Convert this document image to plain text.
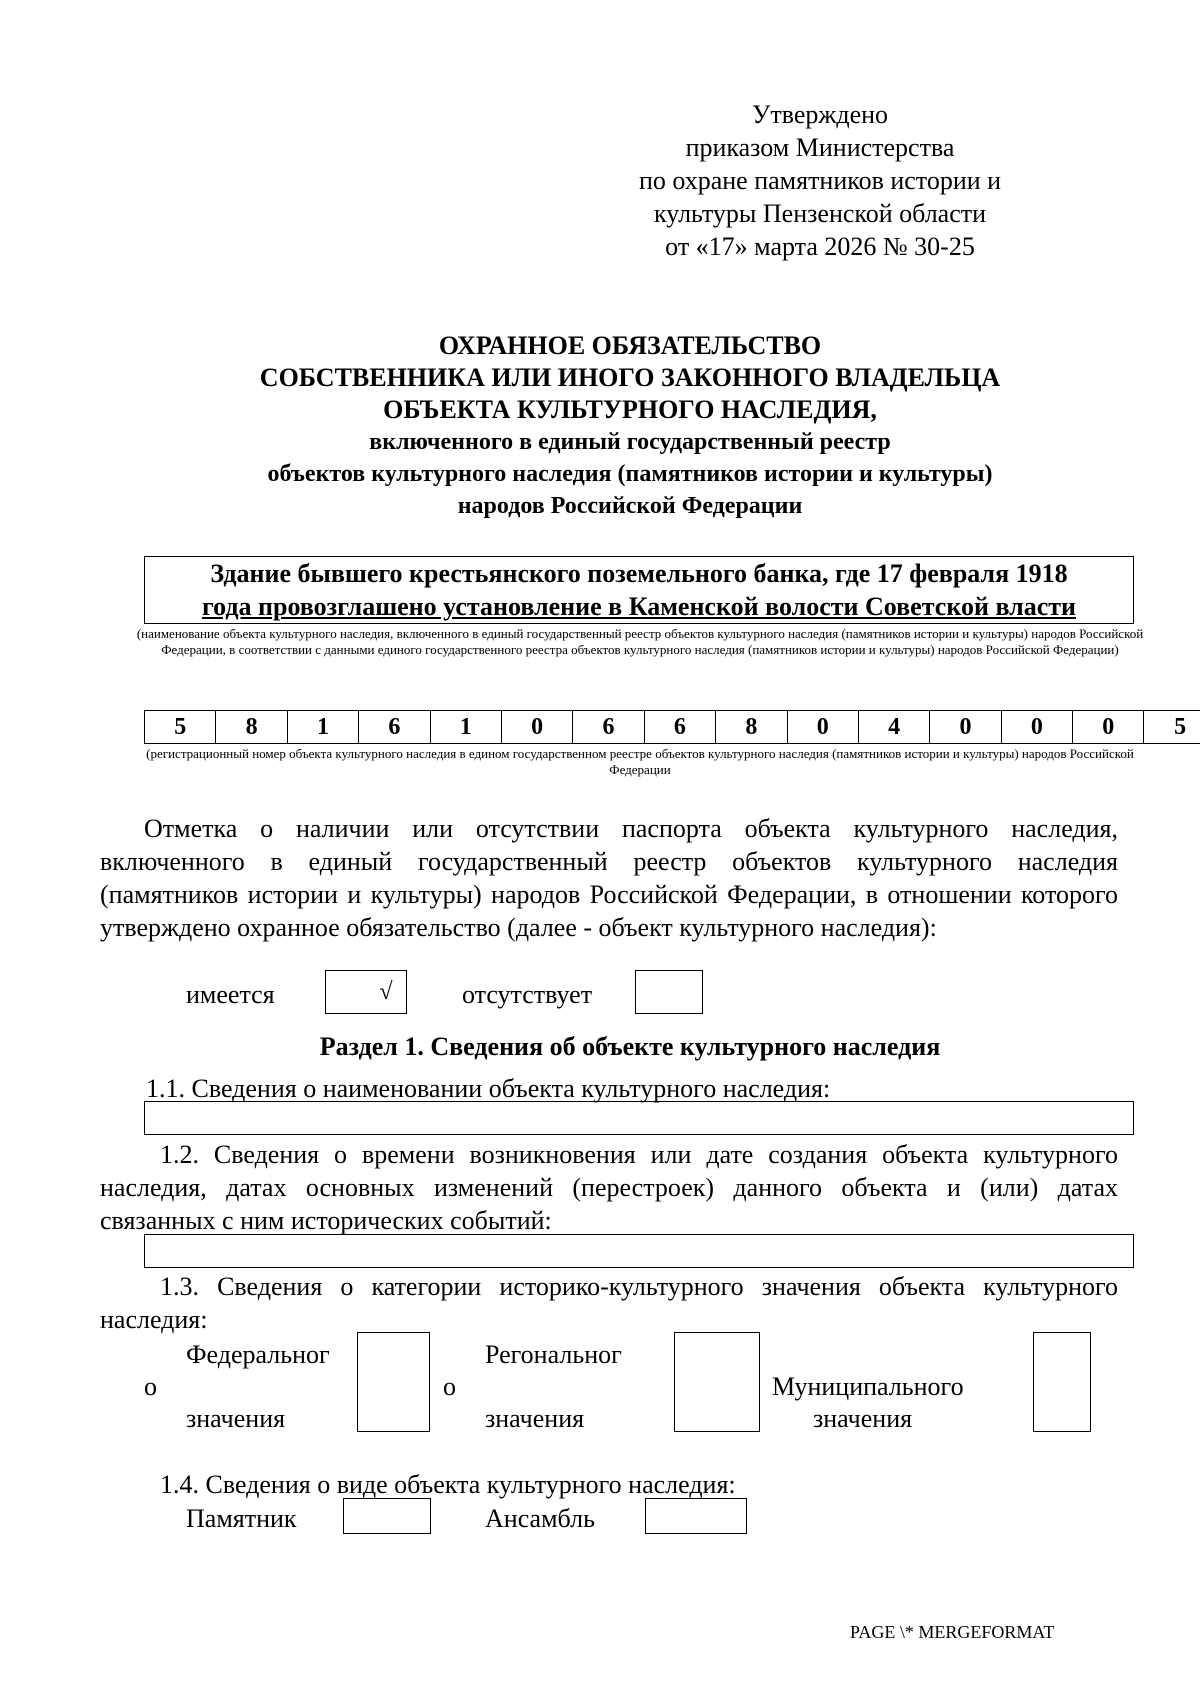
Утверждено
приказом Министерства
по охране памятников истории и
культуры Пензенской области
от «17» марта 2026 № 30-25
ОХРАННОЕ ОБЯЗАТЕЛЬСТВО
СОБСТВЕННИКА ИЛИ ИНОГО ЗАКОННОГО ВЛАДЕЛЬЦА
ОБЪЕКТА КУЛЬТУРНОГО НАСЛЕДИЯ,
включенного в единый государственный реестр
объектов культурного наследия (памятников истории и культуры)
народов Российской Федерации
Здание бывшего крестьянского поземельного банка, где 17 февраля 1918
года провозглашено установление в Каменской волости Советской власти
(наименование объекта культурного наследия, включенного в единый государственный реестр объектов культурного наследия (памятников истории и культуры) народов Российской Федерации, в соответствии с данными единого государственного реестра объектов культурного наследия (памятников истории и культуры) народов Российской Федерации)
5	8	1	6	1	0	6	6	8	0	4	0	0	0	5
(регистрационный номер объекта культурного наследия в едином государственном реестре объектов культурного наследия (памятников истории и культуры) народов Российской Федерации
Отметка о наличии или отсутствии паспорта объекта культурного наследия, включенного в единый государственный реестр объектов культурного наследия (памятников истории и культуры) народов Российской Федерации, в отношении которого утверждено охранное обязательство (далее - объект культурного наследия):
имеется	√	отсутствует
Раздел 1. Сведения об объекте культурного наследия
1.1. Сведения о наименовании объекта культурного наследия:
1.2. Сведения о времени возникновения или дате создания объекта культурного наследия, датах основных изменений (перестроек) данного объекта и (или) датах связанных с ним исторических событий:
1.3. Сведения о категории историко-культурного значения объекта культурного наследия:
Федеральног
о
значения
Регональног
о
значения
Муниципального
значения
1.4. Сведения о виде объекта культурного наследия:
Памятник	Ансамбль
PAGE \* MERGEFORMAT
